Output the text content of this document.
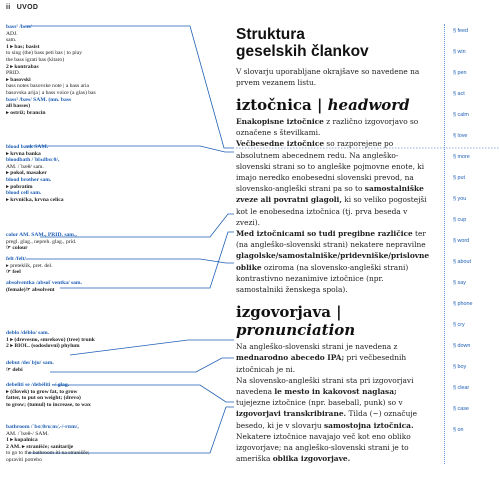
ii UVOD
bass¹ /beɪs/
ADJ.
sam.
1 ▸ bas; basist
to sing (the) bass peti bas | to play
the bass igrati bas (kitaro)
2 ▸ kontrabas
PRID.
▸ basovski
bass notes basovske note | a bass aria
basovska arija | a bass voice (a glas) bas
bass² /bæs/ SAM. (mn. bass
all basses)
▸ ostriž; brancin
blood bank SAM.
▸ krvna banka
bloodbath /ˈblʌdbɑːθ/,
AM. /ˈbæθ/ sam.
▸ pokol, masaker
blood brother sam.
▸ pobratim
blood cell sam.
▸ krvnička, krvna celica
color AM. SAM., PRID. sam.,
pregl. glag., nepreh. glag., prid.
☞ colour
felt /felt/
▸ preteklik, pret. del.
☞ feel
absolventka /absolˈventka/ sam.
(female)☞ absolvent
deblo /déblo/ sam.
1 ▸ (drevesno, smrekovo) (tree) trunk
2 ▸ BIOL. (sodoslovni) phylum
debut /deɪˈbju/ sam.
☞ debi
debeliti se /debéliti ~/ glag.
▸ (človek) to grow fat, to grow
fatter, to put on weight; (drevo)
to grow; (tumul) to increase, to wax
bathroom /ˈbɑːθruːm/,-/-rʊm/,
AM. /ˈbæθ-/ SAM.
1 ▸ kopalnica
2 AM. ▸ stranišče; sanitarije
to go to the bathroom iti na stranišče;
opraviti potrebo
Struktura
geselskih člankov

V slovarju uporabljane okrajšave so navedene na prvem vezanem listu.

iztočnica | headword

Enakopisne iztočnice z različno izgovorjavo so označene s številkami.

Večbesedne iztočnice so razporejene po absolutnem abecednem redu. Na angleško-slovenski strani so to angleške pojmovne enote, ki imajo neredko enobesedni slovenski prevod, na slovensko-angleški strani pa so to samostalniške zveze ali povratni glagoli, ki so veliko pogostejši kot le enobesedna iztočnica (tj. prva beseda v zvezi).

Med iztočnicami so tudi pregibne različice ter (na angleško-slovenski strani) nekatere nepravilne glagolske/samostalniške/pridevniške/prislovne oblike oziroma (na slovensko-angleški strani) kontrastivno nezanimive iztočnice (npr. samostalniki ženskega spola).

izgovorjava | pronunciation

Na angleško-slovenski strani je navedena z mednarodno abecedo IPA; pri večbesednih iztočnicah je ni.

Na slovensko-angleški strani sta pri izgovorjavi navedena le mesto in kakovost naglasa; tujejezne iztočnice (npr. baseball, punk) so v izgovorjavi transkribirane. Tilda (~) označuje besedo, ki je v slovarju samostojna iztočnica. Nekatere iztočnice navajajo več kot eno obliko izgovorjave; na angleško-slovenski strani je to ameriška oblika izgovorjave.

§ feed
§ win
§ pen
§ act
§ calm
§ love
§ more
§ put
§ you
§ cup
§ word
§ about
§ say
§ phone
§ cry
§ down
§ boy
§ clear
§ case
§ on
